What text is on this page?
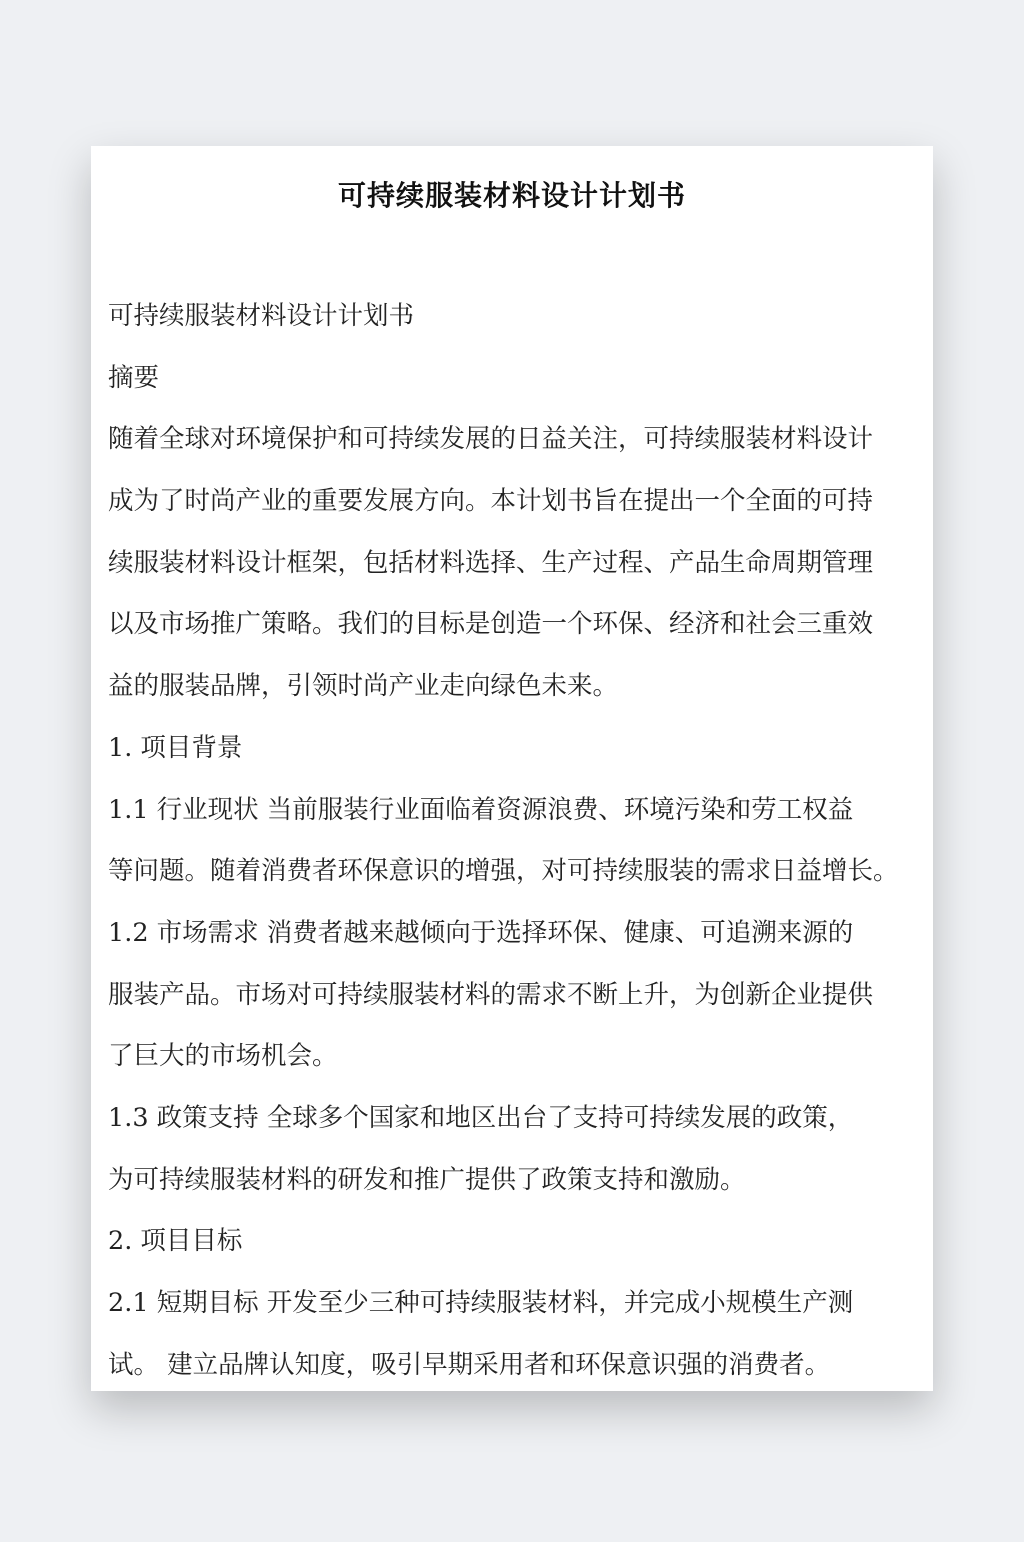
可持续服装材料设计计划书
可持续服装材料设计计划书
摘要
随着全球对环境保护和可持续发展的日益关注，可持续服装材料设计
成为了时尚产业的重要发展方向。本计划书旨在提出一个全面的可持
续服装材料设计框架，包括材料选择、生产过程、产品生命周期管理
以及市场推广策略。我们的目标是创造一个环保、经济和社会三重效
益的服装品牌，引领时尚产业走向绿色未来。
1. 项目背景
1.1 行业现状 当前服装行业面临着资源浪费、环境污染和劳工权益
等问题。随着消费者环保意识的增强，对可持续服装的需求日益增长。
1.2 市场需求 消费者越来越倾向于选择环保、健康、可追溯来源的
服装产品。市场对可持续服装材料的需求不断上升，为创新企业提供
了巨大的市场机会。
1.3 政策支持 全球多个国家和地区出台了支持可持续发展的政策，
为可持续服装材料的研发和推广提供了政策支持和激励。
2. 项目目标
2.1 短期目标 开发至少三种可持续服装材料，并完成小规模生产测
试。 建立品牌认知度，吸引早期采用者和环保意识强的消费者。
